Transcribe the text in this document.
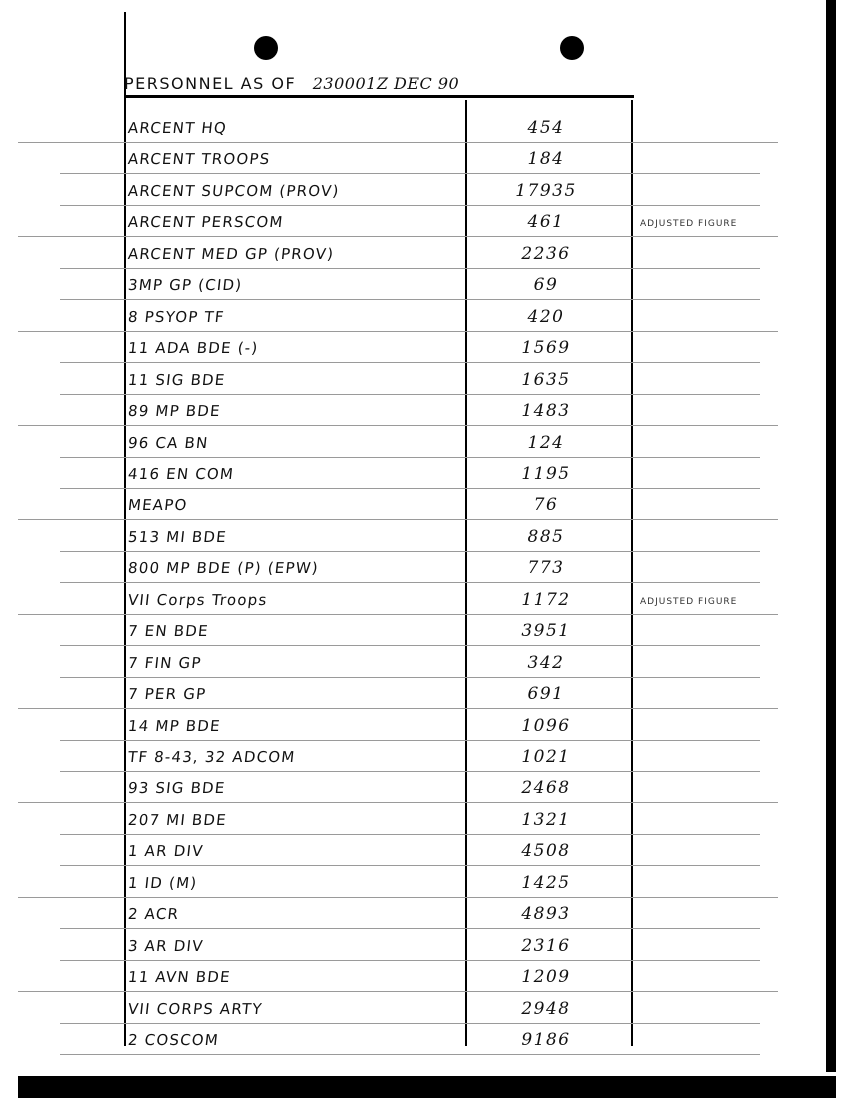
PERSONNEL AS OF 230001Z DEC 90
ARCENT HQ	454
ARCENT TROOPS	184
ARCENT SUPCOM (PROV)	17935
ARCENT PERSCOM	461	ADJUSTED FIGURE
ARCENT MED GP (PROV)	2236
3MP GP (CID)	69
8 PSYOP TF	420
11 ADA BDE (-)	1569
11 SIG BDE	1635
89 MP BDE	1483
96 CA BN	124
416 EN COM	1195
MEAPO	76
513 MI BDE	885
800 MP BDE (P) (EPW)	773
VII Corps Troops	1172	ADJUSTED FIGURE
7 EN BDE	3951
7 FIN GP	342
7 PER GP	691
14 MP BDE	1096
TF 8-43, 32 ADCOM	1021
93 SIG BDE	2468
207 MI BDE	1321
1 AR DIV	4508
1 ID (M)	1425
2 ACR	4893
3 AR DIV	2316
11 AVN BDE	1209
VII CORPS ARTY	2948
2 COSCOM	9186
